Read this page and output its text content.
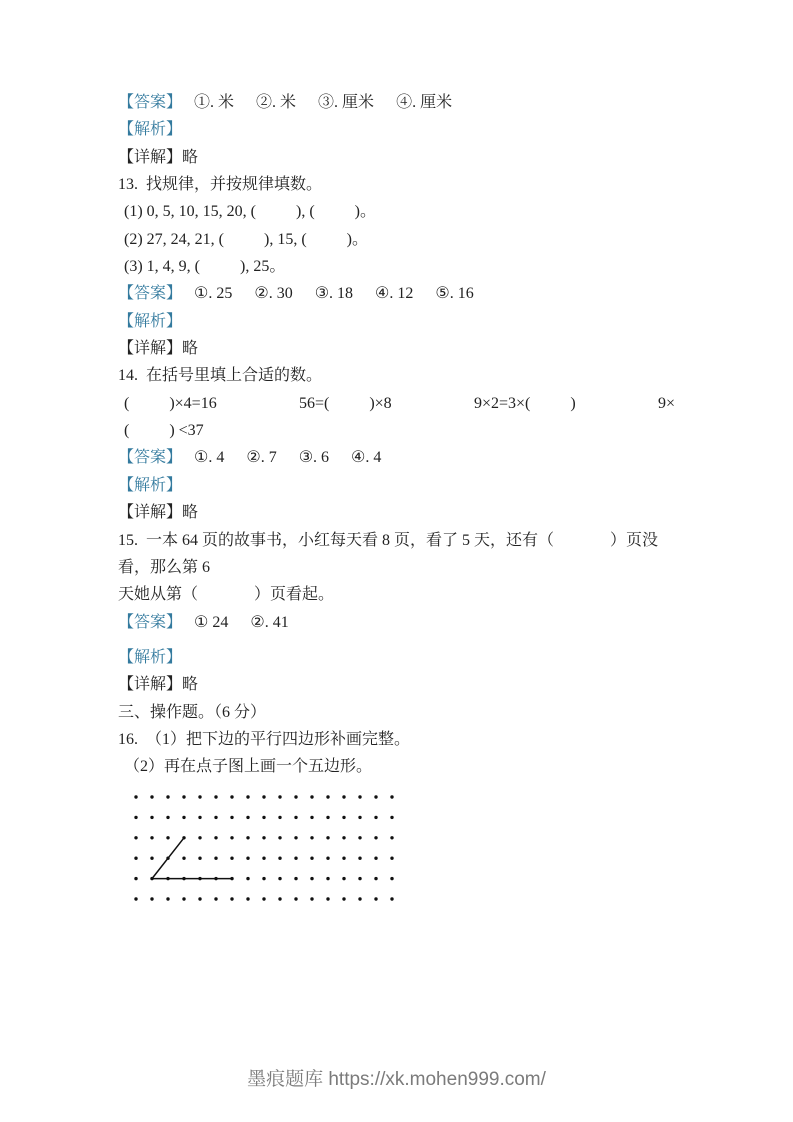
【答案】 ①. 米 ②. 米 ③. 厘米 ④. 厘米
【解析】
【详解】略
13.  找规律，并按规律填数。
(1) 0, 5, 10, 15, 20, (          ), (          )。
(2) 27, 24, 21, (          ), 15, (          )。
(3) 1, 4, 9, (          ), 25。
【答案】 ①. 25 ②. 30 ③. 18 ④. 12 ⑤. 16
【解析】
【详解】略
14.  在括号里填上合适的数。
(          )×4=16	56=(          )×8	9×2=3×(          )	9×
(          ) <37
【答案】 ①. 4 ②. 7 ③. 6 ④. 4
【解析】
【详解】略
15.  一本 64 页的故事书，小红每天看 8 页，看了 5 天，还有（              ）页没看，那么第 6
天她从第（              ）页看起。
【答案】 ① 24 ②. 41
【解析】
【详解】略
三、操作题。（6 分）
16.  （1）把下边的平行四边形补画完整。
（2）再在点子图上画一个五边形。
墨痕题库 https://xk.mohen999.com/
